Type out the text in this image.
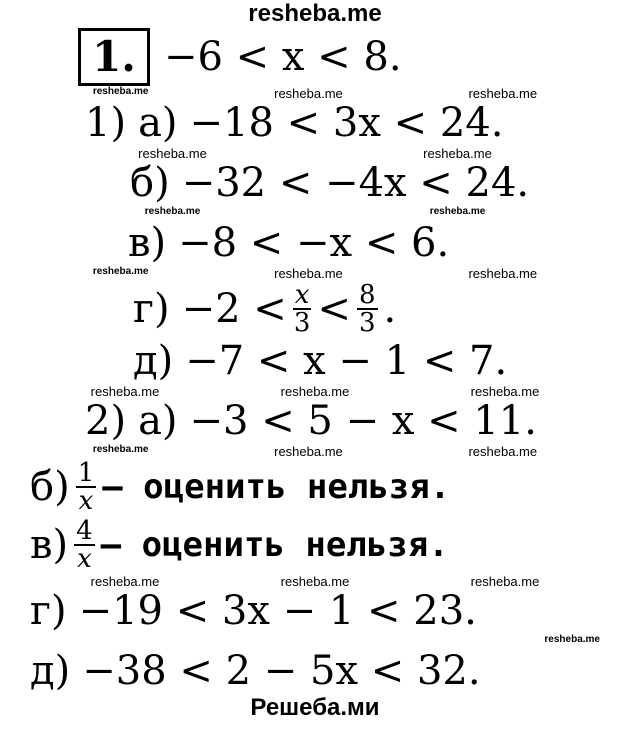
resheba.me
1. −6 < x < 8.
resheba.me	resheba.me	resheba.me
1) а) −18 < 3x < 24.
resheba.me	resheba.me
б) −32 < −4x < 24.
resheba.me	resheba.me
в) −8 < −x < 6.
resheba.me	resheba.me	resheba.me
$г) -2 < \frac{x}{3} < \frac{8}{3}$ .
д) −7 < x − 1 < 7.
resheba.me	resheba.me	resheba.me
2) а) −3 < 5 − x < 11.
resheba.me	resheba.me	resheba.me
$б) \frac{1}{x}$ – оценить нельзя.
$в) \frac{4}{x}$ – оценить нельзя.
resheba.me	resheba.me	resheba.me
г) −19 < 3x − 1 < 23.
resheba.me
д) −38 < 2 − 5x < 32.
Решеба.ми
